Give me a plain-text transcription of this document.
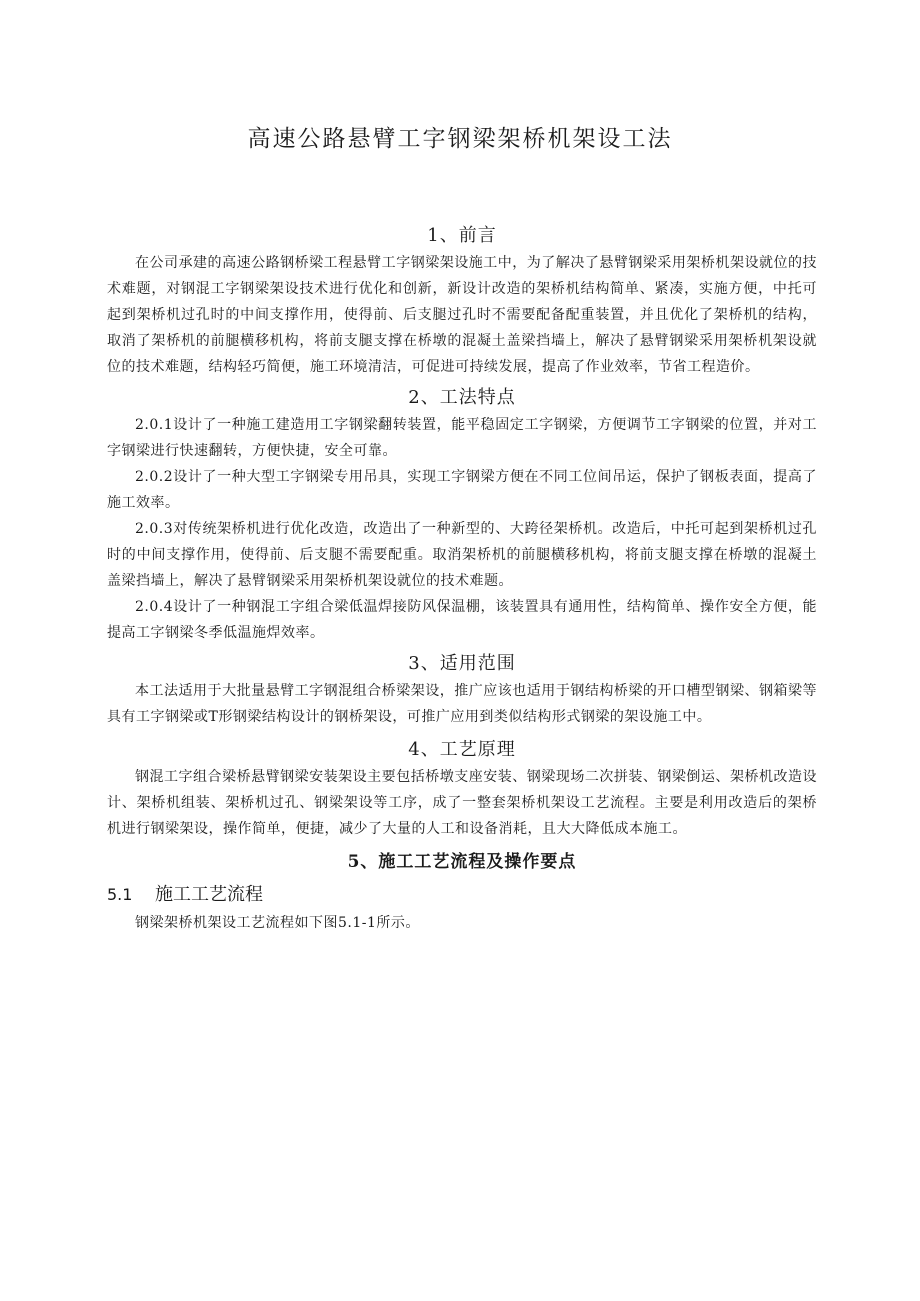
高速公路悬臂工字钢梁架桥机架设工法
1、前言

在公司承建的高速公路钢桥梁工程悬臂工字钢梁架设施工中，为了解决了悬臂钢梁采用架桥机架设就位的技术难题，对钢混工字钢梁架设技术进行优化和创新，新设计改造的架桥机结构简单、紧凑，实施方便，中托可起到架桥机过孔时的中间支撑作用，使得前、后支腿过孔时不需要配备配重装置，并且优化了架桥机的结构，取消了架桥机的前腿横移机构，将前支腿支撑在桥墩的混凝土盖梁挡墙上，解决了悬臂钢梁采用架桥机架设就位的技术难题，结构轻巧简便，施工环境清洁，可促进可持续发展，提高了作业效率，节省工程造价。

2、工法特点

2.0.1设计了一种施工建造用工字钢梁翻转装置，能平稳固定工字钢梁，方便调节工字钢梁的位置，并对工字钢梁进行快速翻转，方便快捷，安全可靠。

2.0.2设计了一种大型工字钢梁专用吊具，实现工字钢梁方便在不同工位间吊运，保护了钢板表面，提高了施工效率。

2.0.3对传统架桥机进行优化改造，改造出了一种新型的、大跨径架桥机。改造后，中托可起到架桥机过孔时的中间支撑作用，使得前、后支腿不需要配重。取消架桥机的前腿横移机构，将前支腿支撑在桥墩的混凝土盖梁挡墙上，解决了悬臂钢梁采用架桥机架设就位的技术难题。

2.0.4设计了一种钢混工字组合梁低温焊接防风保温棚，该装置具有通用性，结构简单、操作安全方便，能提高工字钢梁冬季低温施焊效率。

3、适用范围

本工法适用于大批量悬臂工字钢混组合桥梁架设，推广应该也适用于钢结构桥梁的开口槽型钢梁、钢箱梁等具有工字钢梁或T形钢梁结构设计的钢桥架设，可推广应用到类似结构形式钢梁的架设施工中。

4、工艺原理

钢混工字组合梁桥悬臂钢梁安装架设主要包括桥墩支座安装、钢梁现场二次拼装、钢梁倒运、架桥机改造设计、架桥机组装、架桥机过孔、钢梁架设等工序，成了一整套架桥机架设工艺流程。主要是利用改造后的架桥机进行钢梁架设，操作简单，便捷，减少了大量的人工和设备消耗，且大大降低成本施工。

5、施工工艺流程及操作要点
5.1 施工工艺流程

钢梁架桥机架设工艺流程如下图5.1-1所示。
